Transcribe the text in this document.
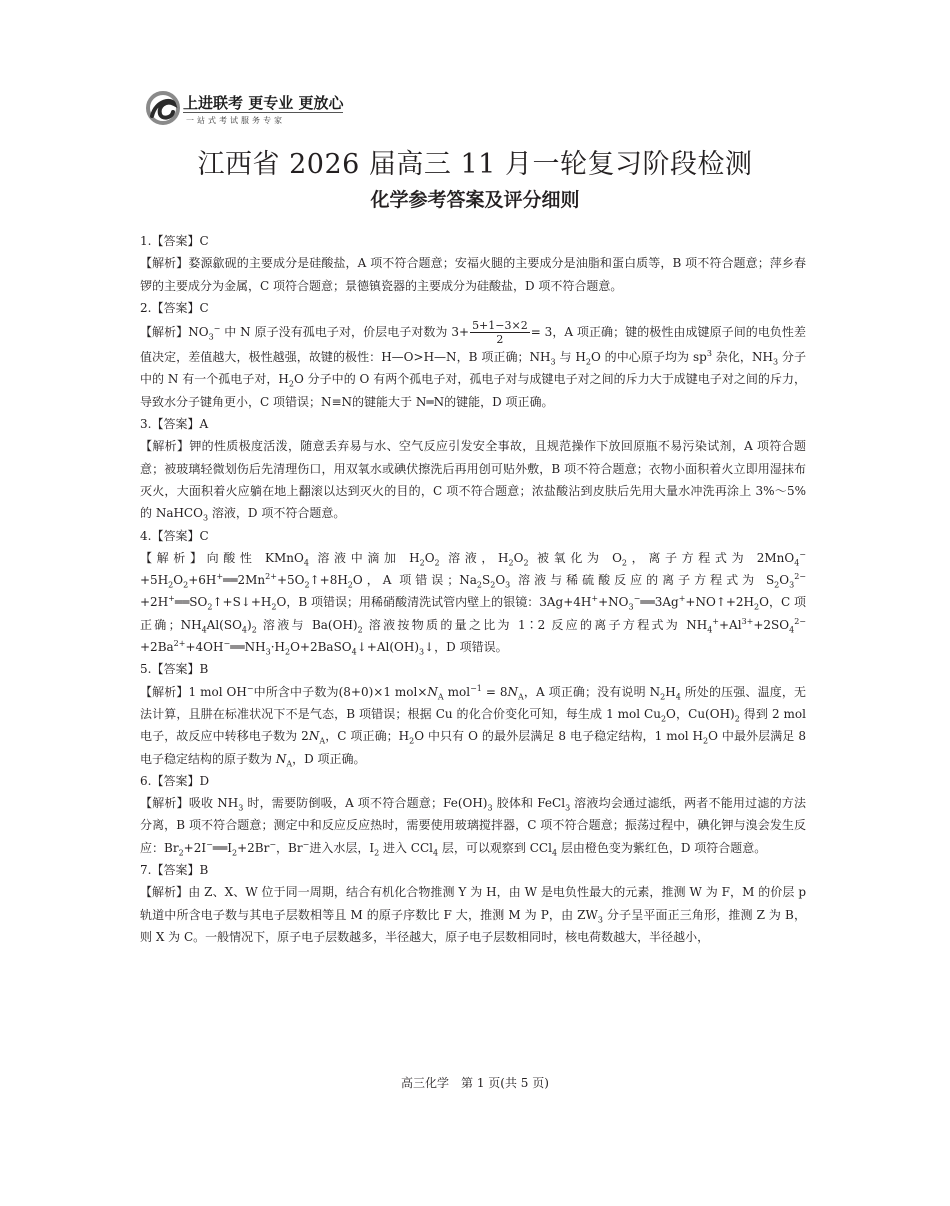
上进联考 更专业 更放心
一站式考试服务专家
江西省 2026 届高三 11 月一轮复习阶段检测
化学参考答案及评分细则

1.【答案】C

【解析】婺源歙砚的主要成分是硅酸盐，A 项不符合题意；安福火腿的主要成分是油脂和蛋白质等，B 项不符合题意；萍乡春锣的主要成分为金属，C 项符合题意；景德镇瓷器的主要成分为硅酸盐，D 项不符合题意。

2.【答案】C

【解析】$NO_3^-$ 中 N 原子没有孤电子对，价层电子对数为 $3+ \frac{5+1-3\times 2}{2} = 3$，A 项正确；键的极性由成键原子间的电负性差值决定，差值越大，极性越强，故键的极性：H—O>H—N，B 项正确；$NH_3$ 与 $H_2O$ 的中心原子均为 $sp^3$ 杂化，$NH_3$ 分子中的 N 有一个孤电子对，$H_2O$ 分子中的 O 有两个孤电子对，孤电子对与成键电子对之间的斥力大于成键电子对之间的斥力，导致水分子键角更小，C 项错误；N≡N的键能大于 N═N的键能，D 项正确。

3.【答案】A

【解析】钾的性质极度活泼，随意丢弃易与水、空气反应引发安全事故，且规范操作下放回原瓶不易污染试剂，A 项符合题意；被玻璃轻微划伤后先清理伤口，用双氧水或碘伏擦洗后再用创可贴外敷，B 项不符合题意；衣物小面积着火立即用湿抹布灭火，大面积着火应躺在地上翻滚以达到灭火的目的，C 项不符合题意；浓盐酸沾到皮肤后先用大量水冲洗再涂上 3%～5%的 NaHCO$_3$ 溶液，D 项不符合题意。

4.【答案】C

【解析】向酸性 KMnO$_4$ 溶液中滴加 $H_2O_2$ 溶液，$H_2O_2$ 被氧化为 $O_2$，离子方程式为 $2MnO_4^-+5H_2O_2+6H^+══2Mn^{2+}+5O_2↑+8H_2O$，A 项错误；$Na_2S_2O_3$ 溶液与稀硫酸反应的离子方程式为 $S_2O_3^{2-}+2H^+══SO_2↑+S↓+H_2O$，B 项错误；用稀硝酸清洗试管内壁上的银镜：$3Ag+4H^++NO_3^-══3Ag^++NO↑+2H_2O$，C 项正确；$NH_4Al(SO_4)_2$ 溶液与 $Ba(OH)_2$ 溶液按物质的量之比为 1∶2 反应的离子方程式为 $NH_4^++Al^{3+}+2SO_4^{2-}+2Ba^{2+}+4OH^-══NH_3\cdot H_2O+2BaSO_4↓+Al(OH)_3↓$，D 项错误。

5.【答案】B

【解析】1 mol OH−中所含中子数为(8+0)×1 $mol\times N_A$ $mol^{-1} = 8N_A$，A 项正确；没有说明 $N_2H_4$ 所处的压强、温度，无法计算，且肼在标准状况下不是气态，B 项错误；根据 Cu 的化合价变化可知，每生成 1 mol $Cu_2O$，$Cu(OH)_2$ 得到 2 mol 电子，故反应中转移电子数为 $2N_A$，C 项正确；$H_2O$ 中只有 O 的最外层满足 8 电子稳定结构，1 mol $H_2O$ 中最外层满足 8 电子稳定结构的原子数为 $N_A$，D 项正确。

6.【答案】D

【解析】吸收 $NH_3$ 时，需要防倒吸，A 项不符合题意；$Fe(OH)_3$ 胶体和 FeCl$_3$ 溶液均会通过滤纸，两者不能用过滤的方法分离，B 项不符合题意；测定中和反应反应热时，需要使用玻璃搅拌器，C 项不符合题意；振荡过程中，碘化钾与溴会发生反应：$Br_2+2I^-══I_2+2Br^-$，Br−进入水层，$I_2$ 进入 CCl$_4$ 层，可以观察到 CCl$_4$ 层由橙色变为紫红色，D 项符合题意。

7.【答案】B

【解析】由 Z、X、W 位于同一周期，结合有机化合物推测 Y 为 H，由 W 是电负性最大的元素，推测 W 为 F，M 的价层 p 轨道中所含电子数与其电子层数相等且 M 的原子序数比 F 大，推测 M 为 P，由 $ZW_3$ 分子呈平面正三角形，推测 Z 为 B，则 X 为 C。一般情况下，原子电子层数越多，半径越大，原子电子层数相同时，核电荷数越大，半径越小，

高三化学　第 1 页(共 5 页)
